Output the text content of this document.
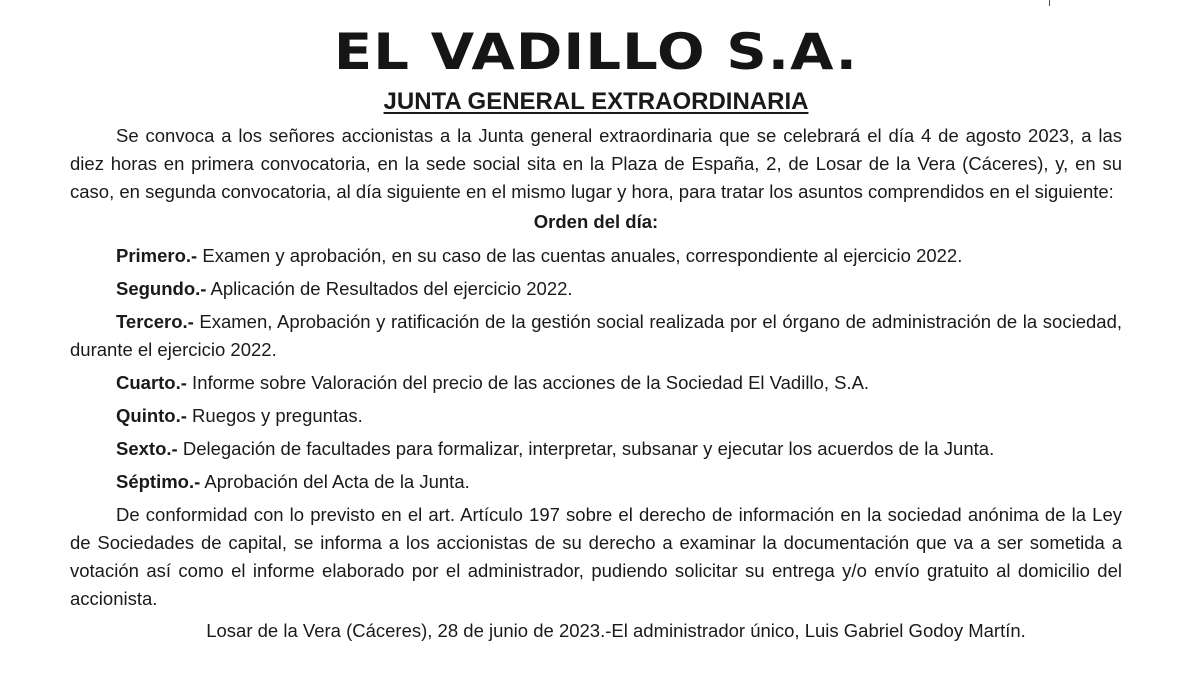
EL VADILLO S.A.
JUNTA GENERAL EXTRAORDINARIA

Se convoca a los señores accionistas a la Junta general extraordinaria que se celebrará el día 4 de agosto 2023, a las diez horas en primera convocatoria, en la sede social sita en la Plaza de España, 2, de Losar de la Vera (Cáceres), y, en su caso, en segunda convocatoria, al día siguiente en el mismo lugar y hora, para tratar los asuntos comprendidos en el siguiente:

Orden del día:

Primero.- Examen y aprobación, en su caso de las cuentas anuales, correspondiente al ejercicio 2022.

Segundo.- Aplicación de Resultados del ejercicio 2022.

Tercero.- Examen, Aprobación y ratificación de la gestión social realizada por el órgano de administración de la sociedad, durante el ejercicio 2022.

Cuarto.- Informe sobre Valoración del precio de las acciones de la Sociedad El Vadillo, S.A.

Quinto.- Ruegos y preguntas.

Sexto.- Delegación de facultades para formalizar, interpretar, subsanar y ejecutar los acuerdos de la Junta.

Séptimo.- Aprobación del Acta de la Junta.

De conformidad con lo previsto en el art. Artículo 197 sobre el derecho de información en la sociedad anónima de la Ley de Sociedades de capital, se informa a los accionistas de su derecho a examinar la documentación que va a ser sometida a votación así como el informe elaborado por el administrador, pudiendo solicitar su entrega y/o envío gratuito al domicilio del accionista.

Losar de la Vera (Cáceres), 28 de junio de 2023.-El administrador único, Luis Gabriel Godoy Martín.
